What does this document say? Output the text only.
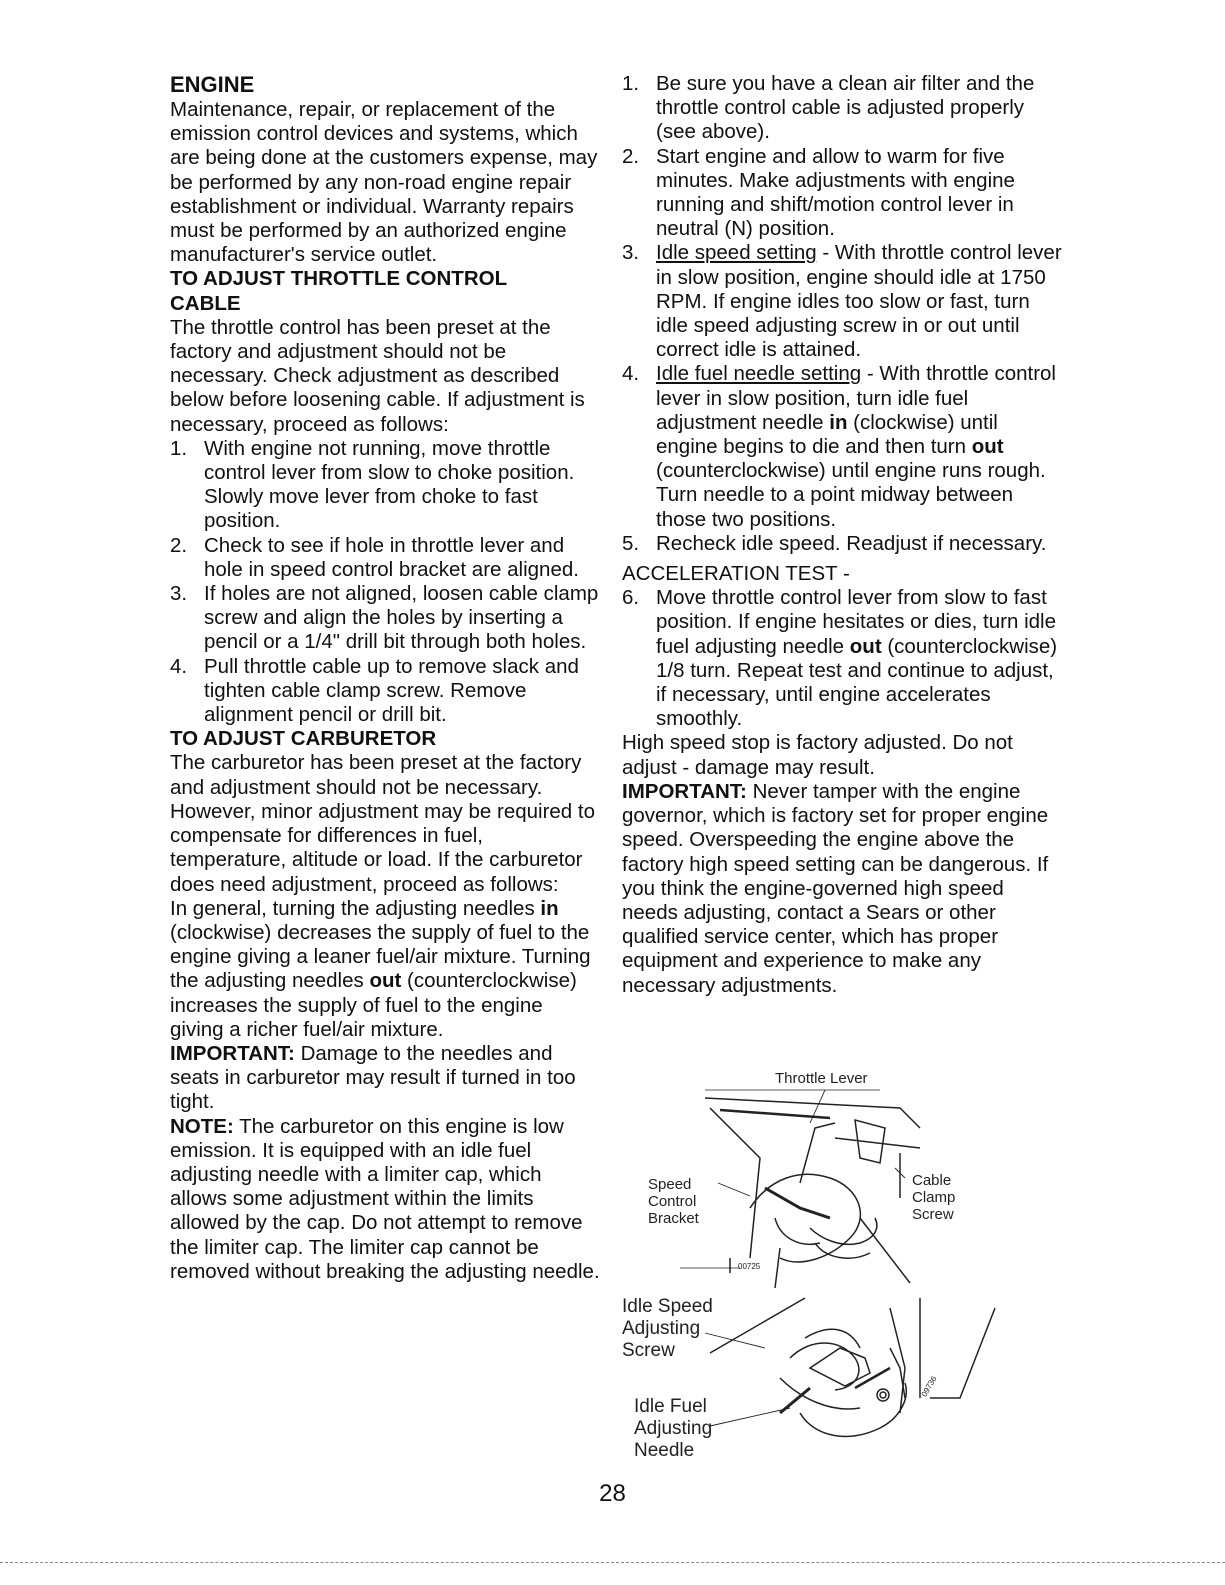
ENGINE

Maintenance, repair, or replacement of the emission control devices and systems, which are being done at the customers expense, may be performed by any non-road engine repair establishment or individual. Warranty repairs must be performed by an authorized engine manufacturer's service outlet.

TO ADJUST THROTTLE CONTROL CABLE

The throttle control has been preset at the factory and adjustment should not be necessary. Check adjustment as described below before loosening cable. If adjustment is necessary, proceed as follows:

1. With engine not running, move throttle control lever from slow to choke position. Slowly move lever from choke to fast position.
2. Check to see if hole in throttle lever and hole in speed control bracket are aligned.
3. If holes are not aligned, loosen cable clamp screw and align the holes by inserting a pencil or a 1/4" drill bit through both holes.
4. Pull throttle cable up to remove slack and tighten cable clamp screw. Remove alignment pencil or drill bit.
TO ADJUST CARBURETOR

The carburetor has been preset at the factory and adjustment should not be necessary. However, minor adjustment may be required to compensate for differences in fuel, temperature, altitude or load. If the carburetor does need adjustment, proceed as follows:

In general, turning the adjusting needles in (clockwise) decreases the supply of fuel to the engine giving a leaner fuel/air mixture. Turning the adjusting needles out (counterclockwise) increases the supply of fuel to the engine giving a richer fuel/air mixture.

IMPORTANT: Damage to the needles and seats in carburetor may result if turned in too tight.

NOTE: The carburetor on this engine is low emission. It is equipped with an idle fuel adjusting needle with a limiter cap, which allows some adjustment within the limits allowed by the cap. Do not attempt to remove the limiter cap. The limiter cap cannot be removed without breaking the adjusting needle.

1. Be sure you have a clean air filter and the throttle control cable is adjusted properly (see above).
2. Start engine and allow to warm for five minutes. Make adjustments with engine running and shift/motion control lever in neutral (N) position.
3. Idle speed setting - With throttle control lever in slow position, engine should idle at 1750 RPM. If engine idles too slow or fast, turn idle speed adjusting screw in or out until correct idle is attained.
4. Idle fuel needle setting - With throttle control lever in slow position, turn idle fuel adjustment needle in (clockwise) until engine begins to die and then turn out (counterclockwise) until engine runs rough. Turn needle to a point midway between those two positions.
5. Recheck idle speed. Readjust if necessary.

ACCELERATION TEST -

6. Move throttle control lever from slow to fast position. If engine hesitates or dies, turn idle fuel adjusting needle out (counterclockwise) 1/8 turn. Repeat test and continue to adjust, if necessary, until engine accelerates smoothly.

High speed stop is factory adjusted. Do not adjust - damage may result.

IMPORTANT: Never tamper with the engine governor, which is factory set for proper engine speed. Overspeeding the engine above the factory high speed setting can be dangerous. If you think the engine-governed high speed needs adjusting, contact a Sears or other qualified service center, which has proper equipment and experience to make any necessary adjustments.

Throttle Lever
Speed
Control
Bracket
Cable
Clamp
Screw
00725
Idle Speed
Adjusting
Screw
Idle Fuel
Adjusting
Needle
09736
28
